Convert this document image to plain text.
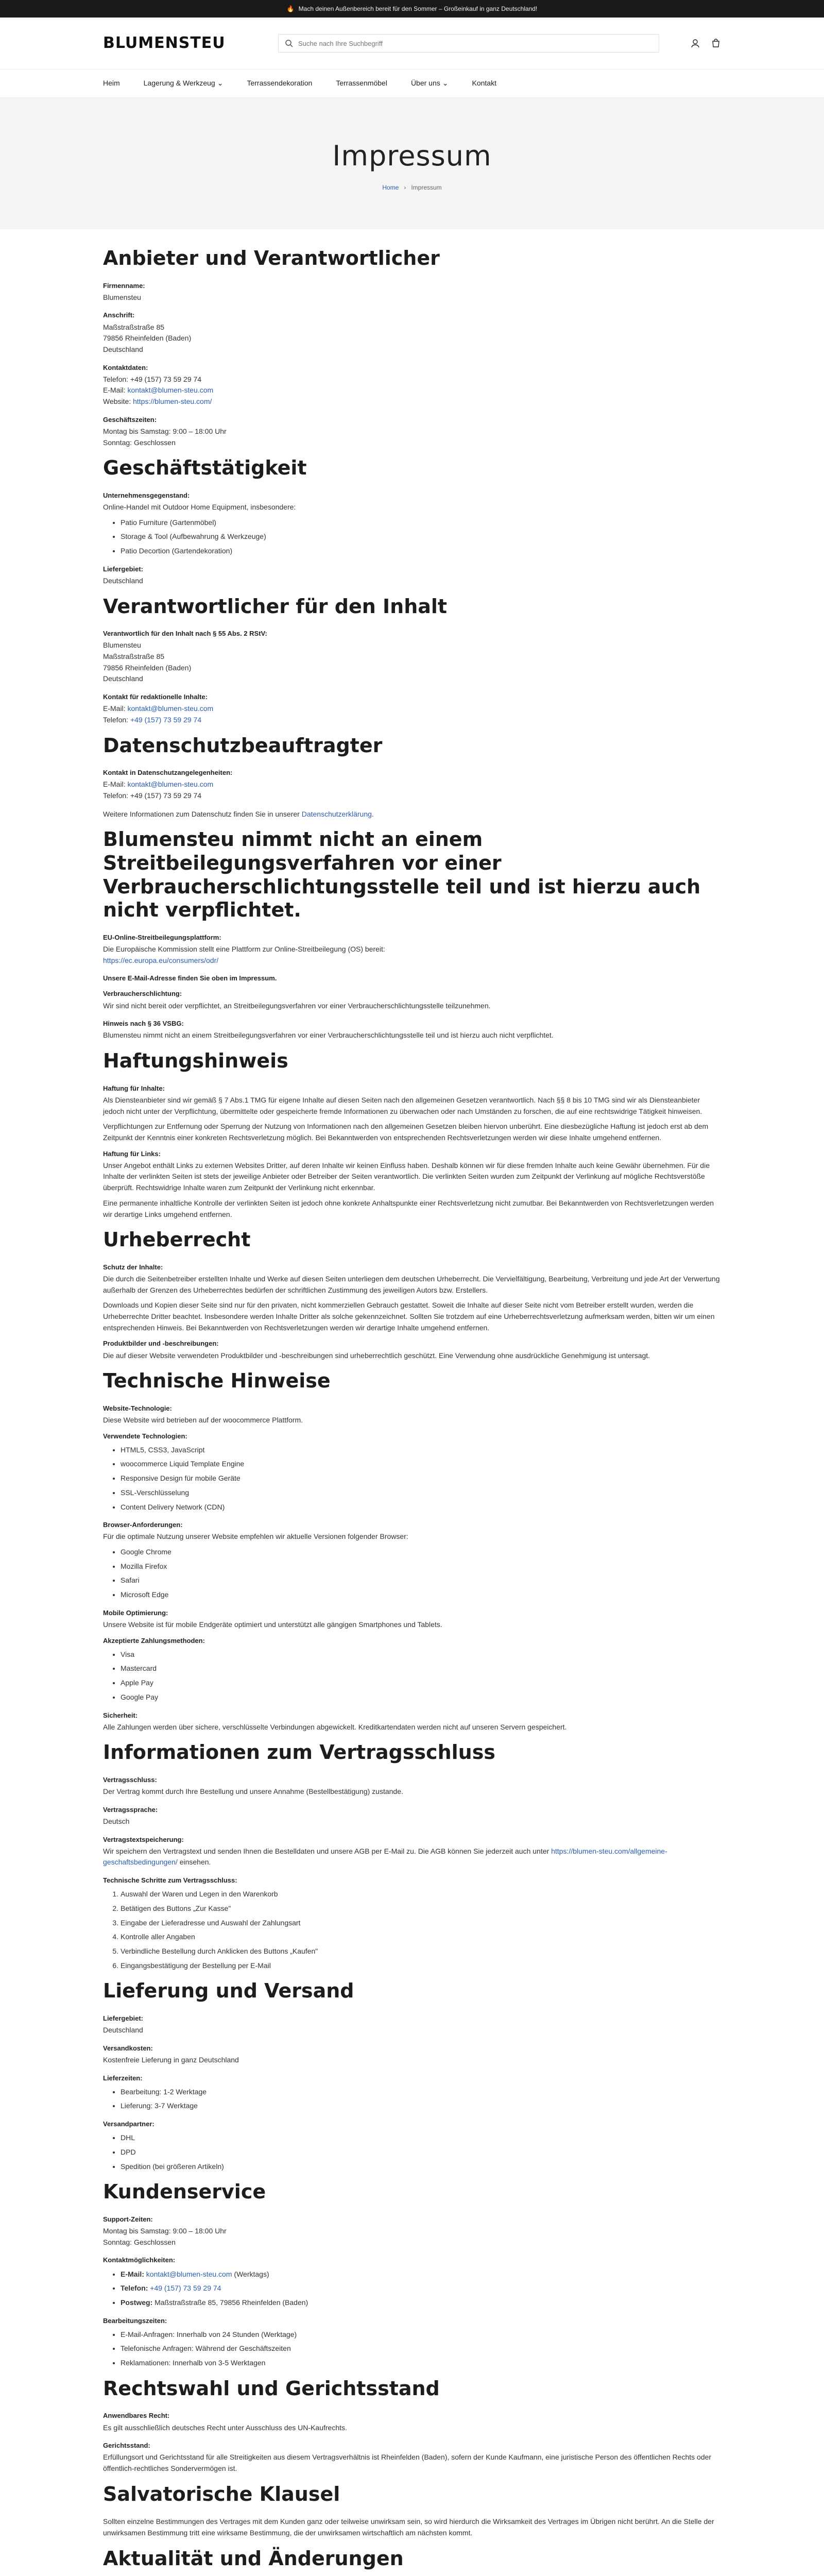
🔥 Mach deinen Außenbereich bereit für den Sommer – Großeinkauf in ganz Deutschland!
BLUMENSTEU
Suche nach Ihre Suchbegriff
Heim	Lagerung & Werkzeug ⌄	Terrassendekoration	Terrassenmöbel	Über uns ⌄	Kontakt
Impressum
Home › Impressum
Anbieter und Verantwortlicher
Firmenname:

Blumensteu

Anschrift:

Maßstraßstraße 85

79856 Rheinfelden (Baden)

Deutschland

Kontaktdaten:

Telefon: +49 (157) 73 59 29 74

E-Mail: kontakt@blumen-steu.com

Website: https://blumen-steu.com/

Geschäftszeiten:

Montag bis Samstag: 9:00 – 18:00 Uhr

Sonntag: Geschlossen

Geschäftstätigkeit
Unternehmensgegenstand:

Online-Handel mit Outdoor Home Equipment, insbesondere:

• Patio Furniture (Gartenmöbel)
• Storage & Tool (Aufbewahrung & Werkzeuge)
• Patio Decortion (Gartendekoration)
Liefergebiet:

Deutschland

Verantwortlicher für den Inhalt
Verantwortlich für den Inhalt nach § 55 Abs. 2 RStV:

Blumensteu

Maßstraßstraße 85

79856 Rheinfelden (Baden)

Deutschland

Kontakt für redaktionelle Inhalte:

E-Mail: kontakt@blumen-steu.com

Telefon: +49 (157) 73 59 29 74

Datenschutzbeauftragter
Kontakt in Datenschutzangelegenheiten:

E-Mail: kontakt@blumen-steu.com

Telefon: +49 (157) 73 59 29 74

Weitere Informationen zum Datenschutz finden Sie in unserer Datenschutzerklärung.

Blumensteu nimmt nicht an einem Streitbeilegungsverfahren vor einer Verbraucherschlichtungsstelle teil und ist hierzu auch nicht verpflichtet.
EU-Online-Streitbeilegungsplattform:

Die Europäische Kommission stellt eine Plattform zur Online-Streitbeilegung (OS) bereit:

https://ec.europa.eu/consumers/odr/

Unsere E-Mail-Adresse finden Sie oben im Impressum.
Verbraucherschlichtung:

Wir sind nicht bereit oder verpflichtet, an Streitbeilegungsverfahren vor einer Verbraucherschlichtungsstelle teilzunehmen.

Hinweis nach § 36 VSBG:

Blumensteu nimmt nicht an einem Streitbeilegungsverfahren vor einer Verbraucherschlichtungsstelle teil und ist hierzu auch nicht verpflichtet.

Haftungshinweis
Haftung für Inhalte:

Als Diensteanbieter sind wir gemäß § 7 Abs.1 TMG für eigene Inhalte auf diesen Seiten nach den allgemeinen Gesetzen verantwortlich. Nach §§ 8 bis 10 TMG sind wir als Diensteanbieter jedoch nicht unter der Verpflichtung, übermittelte oder gespeicherte fremde Informationen zu überwachen oder nach Umständen zu forschen, die auf eine rechtswidrige Tätigkeit hinweisen.

Verpflichtungen zur Entfernung oder Sperrung der Nutzung von Informationen nach den allgemeinen Gesetzen bleiben hiervon unberührt. Eine diesbezügliche Haftung ist jedoch erst ab dem Zeitpunkt der Kenntnis einer konkreten Rechtsverletzung möglich. Bei Bekanntwerden von entsprechenden Rechtsverletzungen werden wir diese Inhalte umgehend entfernen.

Haftung für Links:

Unser Angebot enthält Links zu externen Websites Dritter, auf deren Inhalte wir keinen Einfluss haben. Deshalb können wir für diese fremden Inhalte auch keine Gewähr übernehmen. Für die Inhalte der verlinkten Seiten ist stets der jeweilige Anbieter oder Betreiber der Seiten verantwortlich. Die verlinkten Seiten wurden zum Zeitpunkt der Verlinkung auf mögliche Rechtsverstöße überprüft. Rechtswidrige Inhalte waren zum Zeitpunkt der Verlinkung nicht erkennbar.

Eine permanente inhaltliche Kontrolle der verlinkten Seiten ist jedoch ohne konkrete Anhaltspunkte einer Rechtsverletzung nicht zumutbar. Bei Bekanntwerden von Rechtsverletzungen werden wir derartige Links umgehend entfernen.

Urheberrecht
Schutz der Inhalte:

Die durch die Seitenbetreiber erstellten Inhalte und Werke auf diesen Seiten unterliegen dem deutschen Urheberrecht. Die Vervielfältigung, Bearbeitung, Verbreitung und jede Art der Verwertung außerhalb der Grenzen des Urheberrechtes bedürfen der schriftlichen Zustimmung des jeweiligen Autors bzw. Erstellers.

Downloads und Kopien dieser Seite sind nur für den privaten, nicht kommerziellen Gebrauch gestattet. Soweit die Inhalte auf dieser Seite nicht vom Betreiber erstellt wurden, werden die Urheberrechte Dritter beachtet. Insbesondere werden Inhalte Dritter als solche gekennzeichnet. Sollten Sie trotzdem auf eine Urheberrechtsverletzung aufmerksam werden, bitten wir um einen entsprechenden Hinweis. Bei Bekanntwerden von Rechtsverletzungen werden wir derartige Inhalte umgehend entfernen.

Produktbilder und -beschreibungen:

Die auf dieser Website verwendeten Produktbilder und -beschreibungen sind urheberrechtlich geschützt. Eine Verwendung ohne ausdrückliche Genehmigung ist untersagt.

Technische Hinweise
Website-Technologie:

Diese Website wird betrieben auf der woocommerce Plattform.

Verwendete Technologien:
• HTML5, CSS3, JavaScript
• woocommerce Liquid Template Engine
• Responsive Design für mobile Geräte
• SSL-Verschlüsselung
• Content Delivery Network (CDN)
Browser-Anforderungen:

Für die optimale Nutzung unserer Website empfehlen wir aktuelle Versionen folgender Browser:

• Google Chrome
• Mozilla Firefox
• Safari
• Microsoft Edge
Mobile Optimierung:

Unsere Website ist für mobile Endgeräte optimiert und unterstützt alle gängigen Smartphones und Tablets.

Akzeptierte Zahlungsmethoden:
• Visa
• Mastercard
• Apple Pay
• Google Pay
Sicherheit:

Alle Zahlungen werden über sichere, verschlüsselte Verbindungen abgewickelt. Kreditkartendaten werden nicht auf unseren Servern gespeichert.

Informationen zum Vertragsschluss
Vertragsschluss:

Der Vertrag kommt durch Ihre Bestellung und unsere Annahme (Bestellbestätigung) zustande.

Vertragssprache:

Deutsch

Vertragstextspeicherung:

Wir speichern den Vertragstext und senden Ihnen die Bestelldaten und unsere AGB per E-Mail zu. Die AGB können Sie jederzeit auch unter https://blumen-steu.com/allgemeine-geschaftsbedingungen/ einsehen.

Technische Schritte zum Vertragsschluss:
1. Auswahl der Waren und Legen in den Warenkorb
2. Betätigen des Buttons „Zur Kasse"
3. Eingabe der Lieferadresse und Auswahl der Zahlungsart
4. Kontrolle aller Angaben
5. Verbindliche Bestellung durch Anklicken des Buttons „Kaufen"
6. Eingangsbestätigung der Bestellung per E-Mail
Lieferung und Versand
Liefergebiet:

Deutschland

Versandkosten:

Kostenfreie Lieferung in ganz Deutschland

Lieferzeiten:
• Bearbeitung: 1-2 Werktage
• Lieferung: 3-7 Werktage
Versandpartner:
• DHL
• DPD
• Spedition (bei größeren Artikeln)
Kundenservice
Support-Zeiten:

Montag bis Samstag: 9:00 – 18:00 Uhr

Sonntag: Geschlossen

Kontaktmöglichkeiten:
• E-Mail: kontakt@blumen-steu.com (Werktags)
• Telefon: +49 (157) 73 59 29 74
• Postweg: Maßstraßstraße 85, 79856 Rheinfelden (Baden)
Bearbeitungszeiten:
• E-Mail-Anfragen: Innerhalb von 24 Stunden (Werktage)
• Telefonische Anfragen: Während der Geschäftszeiten
• Reklamationen: Innerhalb von 3-5 Werktagen
Rechtswahl und Gerichtsstand
Anwendbares Recht:

Es gilt ausschließlich deutsches Recht unter Ausschluss des UN-Kaufrechts.

Gerichtsstand:

Erfüllungsort und Gerichtsstand für alle Streitigkeiten aus diesem Vertragsverhältnis ist Rheinfelden (Baden), sofern der Kunde Kaufmann, eine juristische Person des öffentlichen Rechts oder öffentlich-rechtliches Sondervermögen ist.

Salvatorische Klausel

Sollten einzelne Bestimmungen des Vertrages mit dem Kunden ganz oder teilweise unwirksam sein, so wird hierdurch die Wirksamkeit des Vertrages im Übrigen nicht berührt. An die Stelle der unwirksamen Bestimmung tritt eine wirksame Bestimmung, die der unwirksamen wirtschaftlich am nächsten kommt.

Aktualität und Änderungen
